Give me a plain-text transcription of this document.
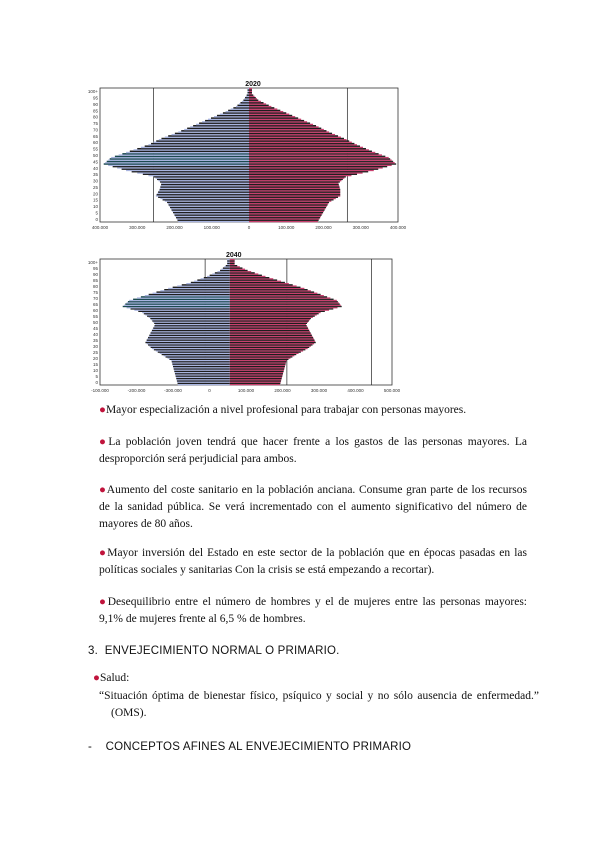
2020
0
5
10
15
20
25
30
35
40
45
50
55
60
65
70
75
80
85
90
95
100+
400.000	300.000	200.000	100.000	0	100.000	200.000	300.000	400.000
2040
0
5
10
15
20
25
30
35
40
45
50
55
60
65
70
75
80
85
90
95
100+
-100.000	-200.000	-300.000	0	100.000	200.000	300.000	400.000	500.000
●Mayor especialización a nivel profesional para trabajar con personas mayores.
●La población joven tendrá que hacer frente a los gastos de las personas mayores. La desproporción será perjudicial para ambos.
●Aumento del coste sanitario en la población anciana. Consume gran parte de los recursos de la sanidad pública. Se verá incrementado con el aumento significativo del número de mayores de 80 años.
●Mayor inversión del Estado en este sector de la población que en épocas pasadas en las políticas sociales y sanitarias Con la crisis se está empezando a recortar).
●Desequilibrio entre el número de hombres y el de mujeres entre las personas mayores: 9,1% de mujeres frente al 6,5 % de hombres.
3. ENVEJECIMIENTO NORMAL O PRIMARIO.
●Salud:
“Situación óptima de bienestar físico, psíquico y social y no sólo ausencia de enfermedad.” (OMS).
- CONCEPTOS AFINES AL ENVEJECIMIENTO PRIMARIO
